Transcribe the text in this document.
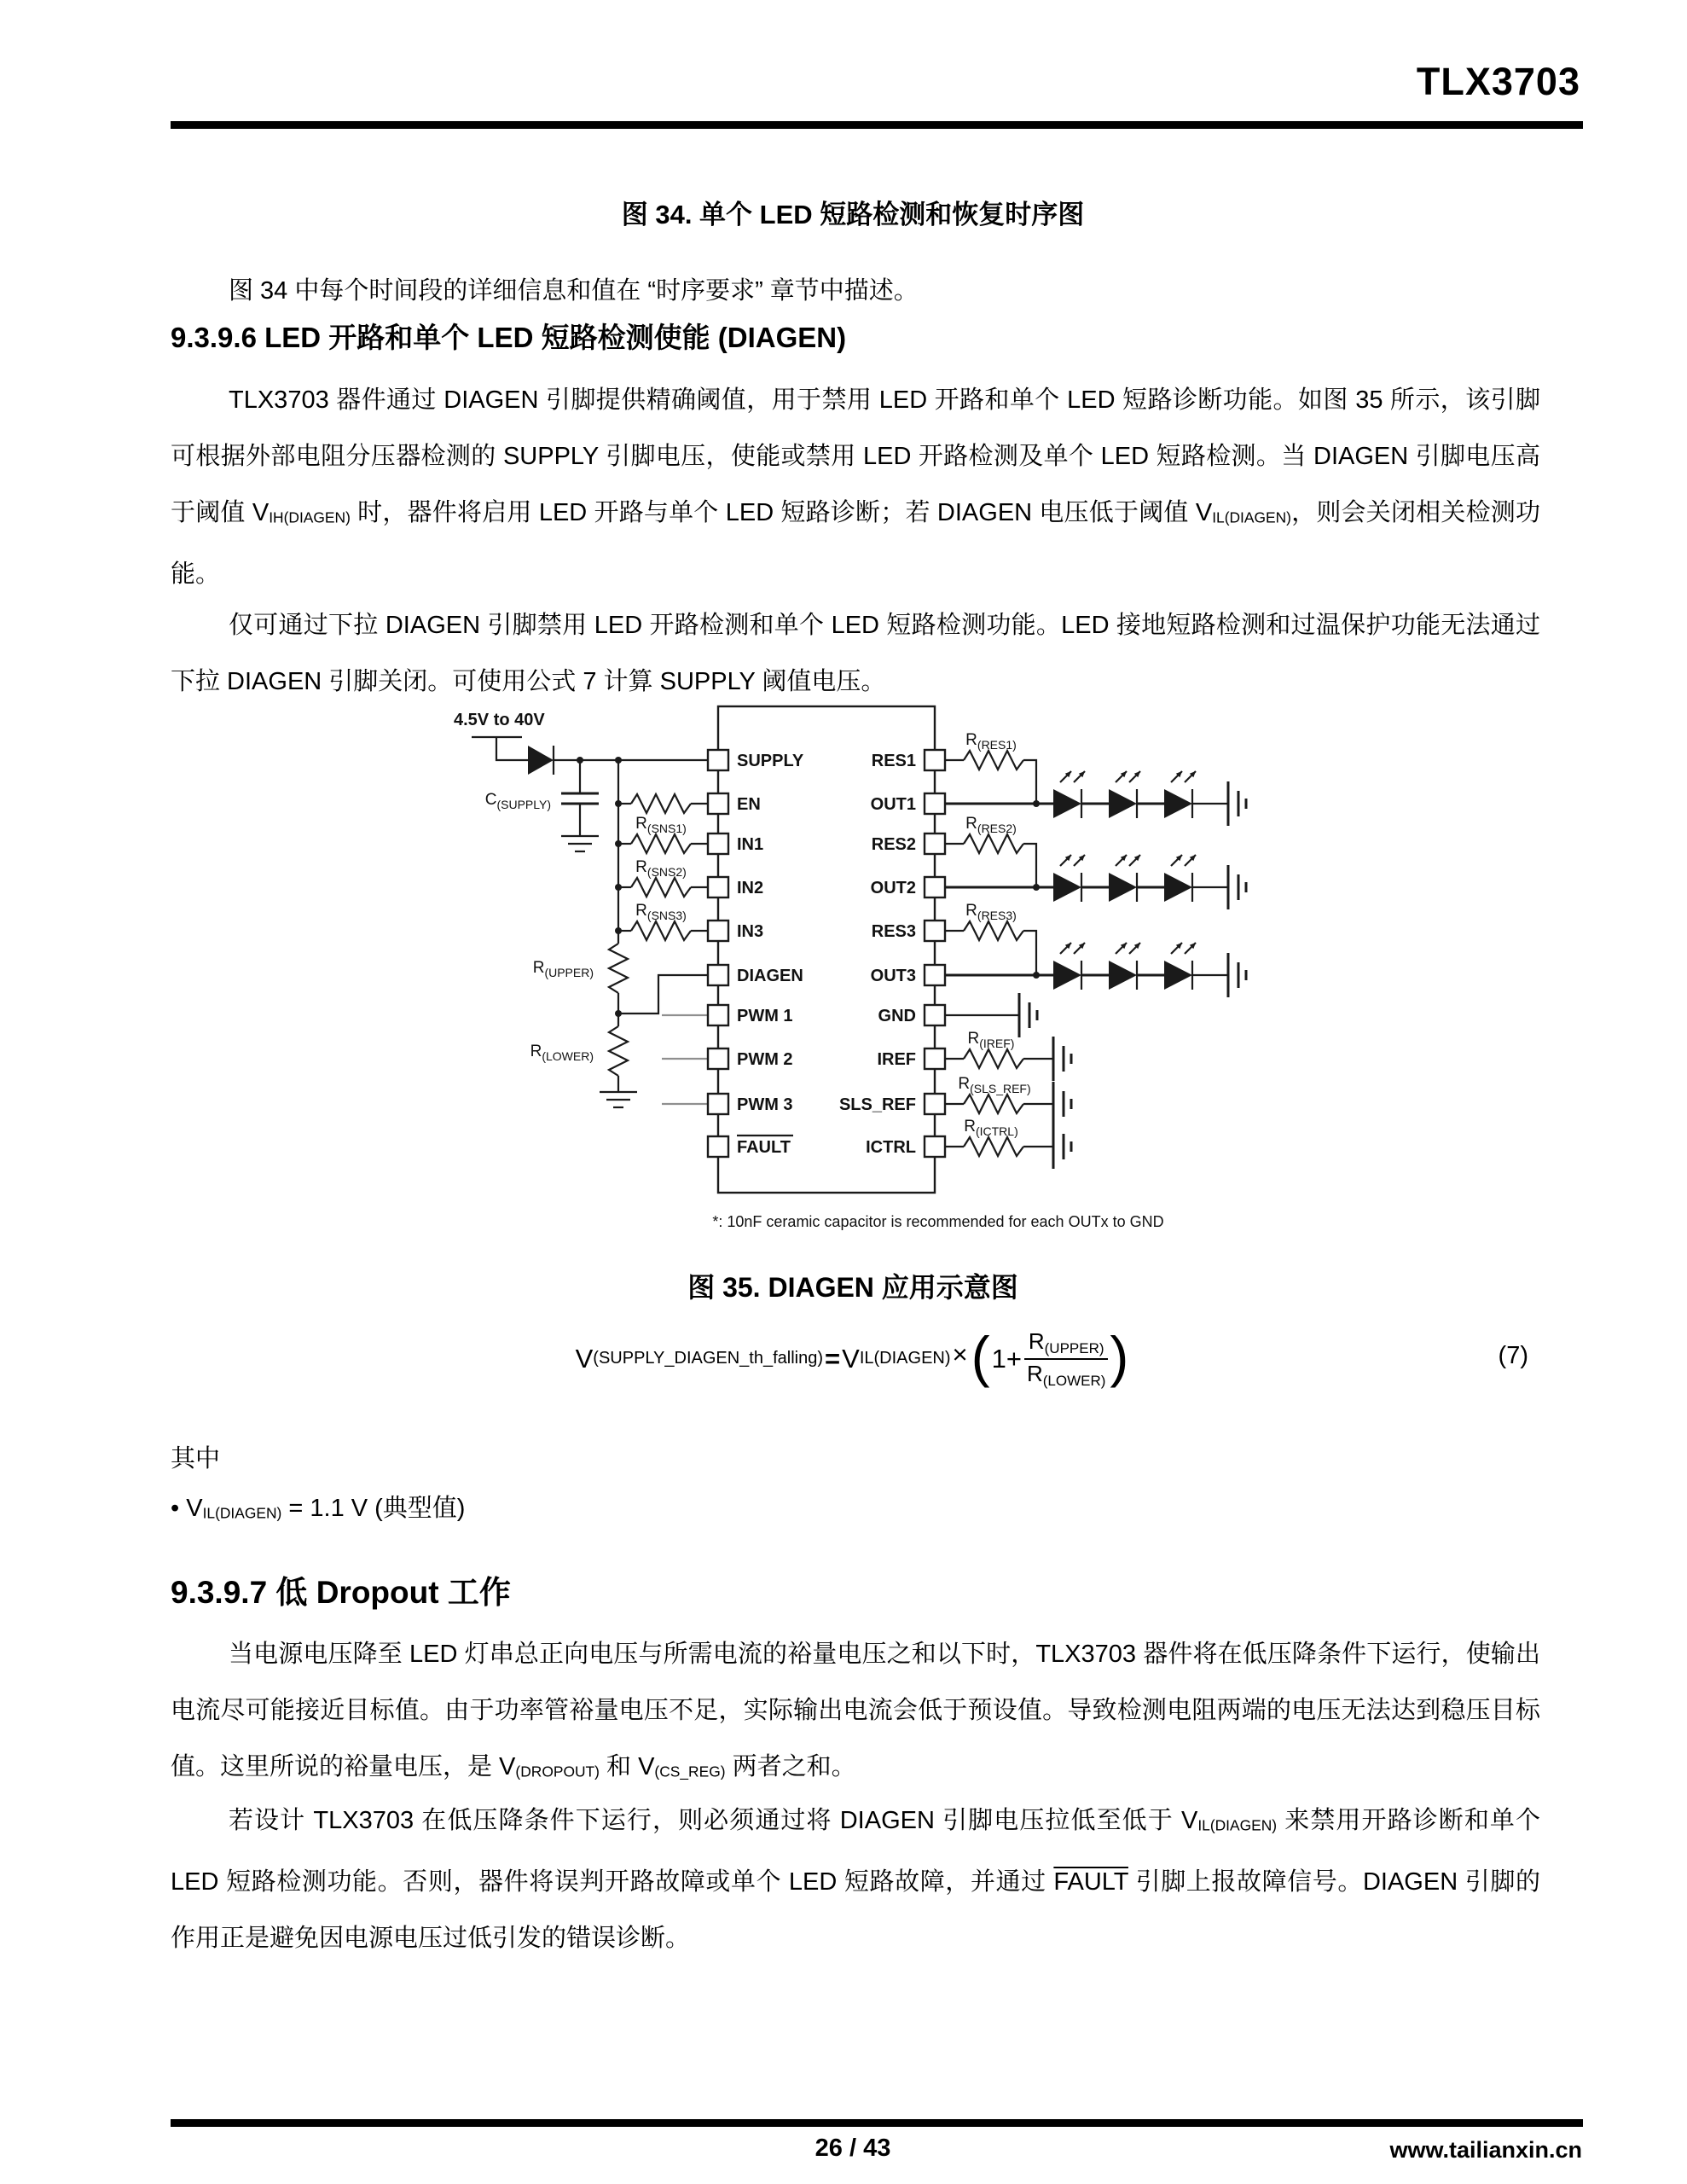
TLX3703
图 34. 单个 LED 短路检测和恢复时序图

图 34 中每个时间段的详细信息和值在 “时序要求” 章节中描述。

9.3.9.6 LED 开路和单个 LED 短路检测使能 (DIAGEN)

TLX3703 器件通过 DIAGEN 引脚提供精确阈值，用于禁用 LED 开路和单个 LED 短路诊断功能。如图 35 所示，该引脚可根据外部电阻分压器检测的 SUPPLY 引脚电压，使能或禁用 LED 开路检测及单个 LED 短路检测。当 DIAGEN 引脚电压高于阈值 VIH(DIAGEN) 时，器件将启用 LED 开路与单个 LED 短路诊断；若 DIAGEN 电压低于阈值 VIL(DIAGEN)，则会关闭相关检测功能。

仅可通过下拉 DIAGEN 引脚禁用 LED 开路检测和单个 LED 短路检测功能。LED 接地短路检测和过温保护功能无法通过下拉 DIAGEN 引脚关闭。可使用公式 7 计算 SUPPLY 阈值电压。

4.5V to 40V
$C_{(SUPPLY)}$
$R_{(SNS1)}$
$R_{(SNS2)}$
$R_{(SNS3)}$
$R_{(UPPER)}$
$R_{(LOWER)}$
SUPPLY
EN
IN1
IN2
IN3
DIAGEN
PWM 1
PWM 2
PWM 3
FAULT
RES1
OUT1
RES2
OUT2
RES3
OUT3
GND
IREF
SLS_REF
ICTRL
$R_{(RES1)}$
$R_{(RES2)}$
$R_{(RES3)}$
$R_{(IREF)}$
$R_{(SLS\_REF)}$
$R_{(ICTRL)}$
*: 10nF ceramic capacitor is recommended for each OUTx to GND
图 35. DIAGEN 应用示意图
V (SUPPLY_DIAGEN_th_falling) = V IL(DIAGEN) × ( $1+ \frac{\text{R(UPPER)}}{\text{R(LOWER)}}$ )	(7)

其中

• VIL(DIAGEN) = 1.1 V (典型值)

9.3.9.7 低 Dropout 工作

当电源电压降至 LED 灯串总正向电压与所需电流的裕量电压之和以下时，TLX3703 器件将在低压降条件下运行，使输出电流尽可能接近目标值。由于功率管裕量电压不足，实际输出电流会低于预设值。导致检测电阻两端的电压无法达到稳压目标值。这里所说的裕量电压，是 V(DROPOUT) 和 V(CS_REG) 两者之和。

若设计 TLX3703 在低压降条件下运行，则必须通过将 DIAGEN 引脚电压拉低至低于 VIL(DIAGEN) 来禁用开路诊断和单个 LED 短路检测功能。否则，器件将误判开路故障或单个 LED 短路故障，并通过 FAULT 引脚上报故障信号。DIAGEN 引脚的作用正是避免因电源电压过低引发的错误诊断。

26 / 43	www.tailianxin.cn
